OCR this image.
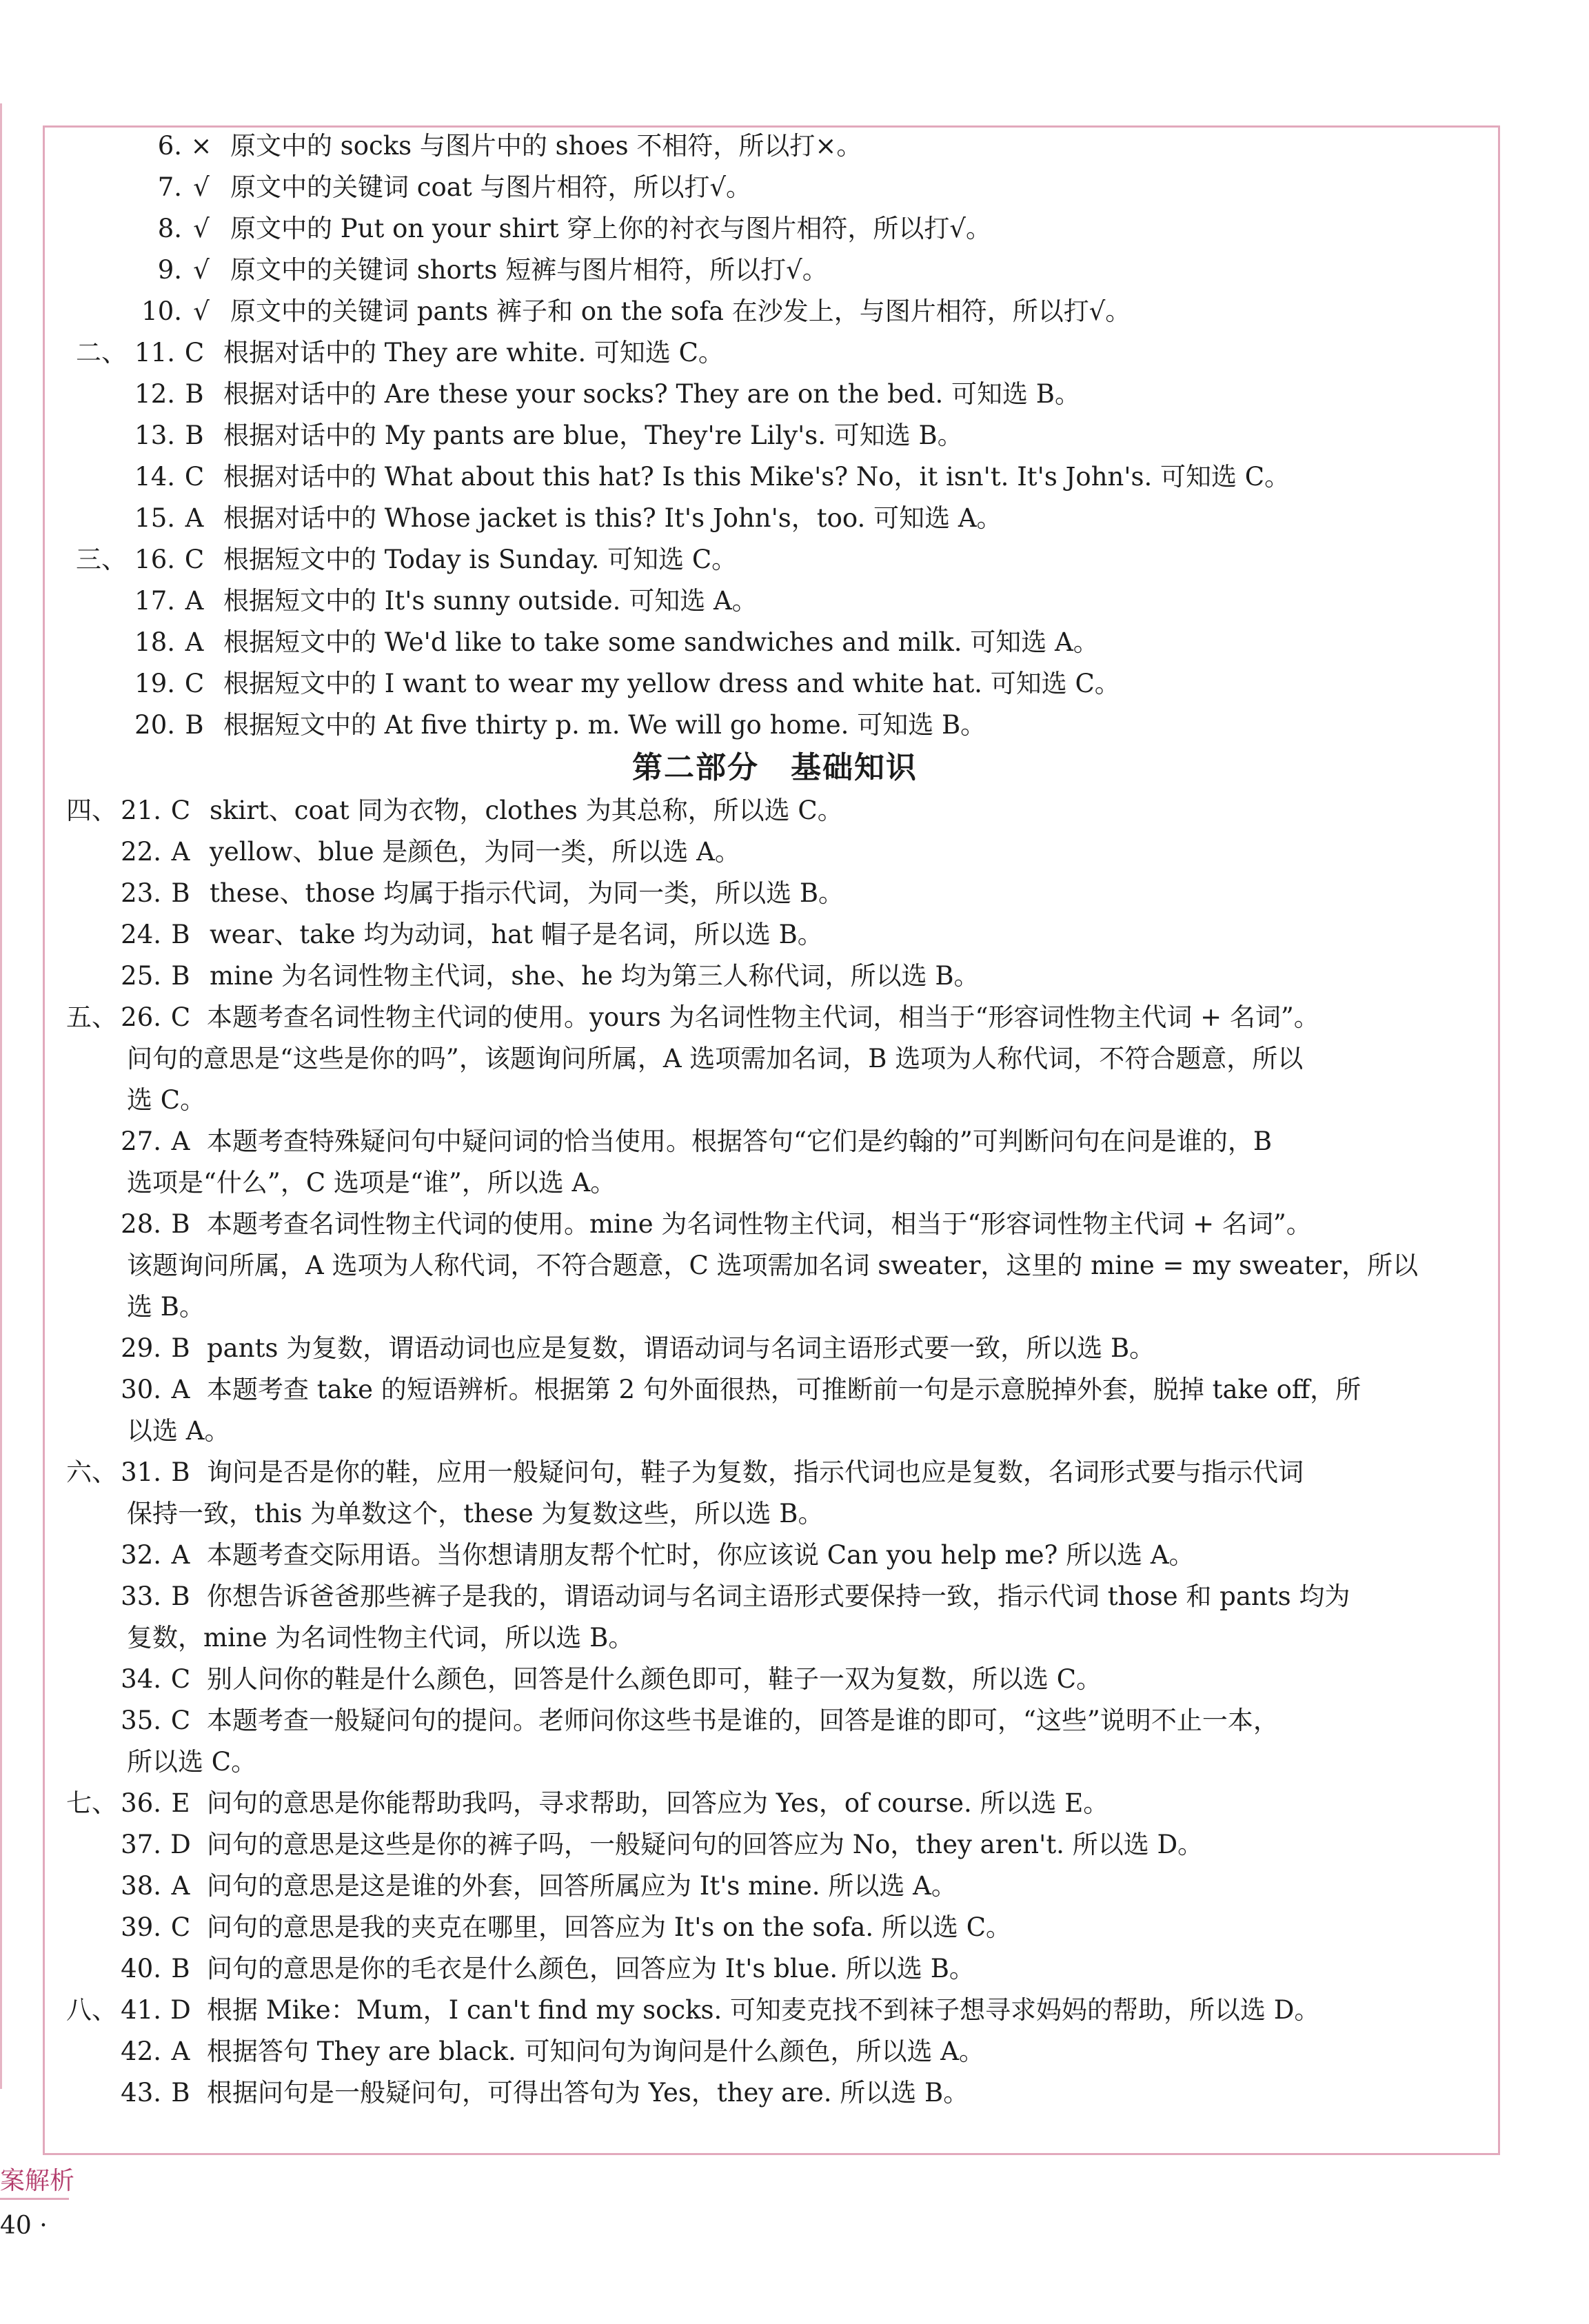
6. × 原文中的 socks 与图片中的 shoes 不相符，所以打×。
7. √ 原文中的关键词 coat 与图片相符，所以打√。
8. √ 原文中的 Put on your shirt 穿上你的衬衣与图片相符，所以打√。
9. √ 原文中的关键词 shorts 短裤与图片相符，所以打√。
10. √ 原文中的关键词 pants 裤子和 on the sofa 在沙发上，与图片相符，所以打√。
二、 11. C 根据对话中的 They are white. 可知选 C。
12. B 根据对话中的 Are these your socks? They are on the bed. 可知选 B。
13. B 根据对话中的 My pants are blue，They're Lily's. 可知选 B。
14. C 根据对话中的 What about this hat? Is this Mike's? No，it isn't. It's John's. 可知选 C。
15. A 根据对话中的 Whose jacket is this? It's John's，too. 可知选 A。
三、 16. C 根据短文中的 Today is Sunday. 可知选 C。
17. A 根据短文中的 It's sunny outside. 可知选 A。
18. A 根据短文中的 We'd like to take some sandwiches and milk. 可知选 A。
19. C 根据短文中的 I want to wear my yellow dress and white hat. 可知选 C。
20. B 根据短文中的 At five thirty p. m. We will go home. 可知选 B。
第二部分　基础知识
四、 21. C skirt、coat 同为衣物，clothes 为其总称，所以选 C。
22. A yellow、blue 是颜色，为同一类，所以选 A。
23. B these、those 均属于指示代词，为同一类，所以选 B。
24. B wear、take 均为动词，hat 帽子是名词，所以选 B。
25. B mine 为名词性物主代词，she、he 均为第三人称代词，所以选 B。
五、 26. C 本题考查名词性物主代词的使用。yours 为名词性物主代词，相当于“形容词性物主代词 + 名词”。
问句的意思是“这些是你的吗”，该题询问所属，A 选项需加名词，B 选项为人称代词，不符合题意，所以
选 C。
27. A 本题考查特殊疑问句中疑问词的恰当使用。根据答句“它们是约翰的”可判断问句在问是谁的，B
选项是“什么”，C 选项是“谁”，所以选 A。
28. B 本题考查名词性物主代词的使用。mine 为名词性物主代词，相当于“形容词性物主代词 + 名词”。
该题询问所属，A 选项为人称代词，不符合题意，C 选项需加名词 sweater，这里的 mine = my sweater，所以
选 B。
29. B pants 为复数，谓语动词也应是复数，谓语动词与名词主语形式要一致，所以选 B。
30. A 本题考查 take 的短语辨析。根据第 2 句外面很热，可推断前一句是示意脱掉外套，脱掉 take off，所
以选 A。
六、 31. B 询问是否是你的鞋，应用一般疑问句，鞋子为复数，指示代词也应是复数，名词形式要与指示代词
保持一致，this 为单数这个，these 为复数这些，所以选 B。
32. A 本题考查交际用语。当你想请朋友帮个忙时，你应该说 Can you help me? 所以选 A。
33. B 你想告诉爸爸那些裤子是我的，谓语动词与名词主语形式要保持一致，指示代词 those 和 pants 均为
复数，mine 为名词性物主代词，所以选 B。
34. C 别人问你的鞋是什么颜色，回答是什么颜色即可，鞋子一双为复数，所以选 C。
35. C 本题考查一般疑问句的提问。老师问你这些书是谁的，回答是谁的即可，“这些”说明不止一本，
所以选 C。
七、 36. E 问句的意思是你能帮助我吗，寻求帮助，回答应为 Yes，of course. 所以选 E。
37. D 问句的意思是这些是你的裤子吗，一般疑问句的回答应为 No，they aren't. 所以选 D。
38. A 问句的意思是这是谁的外套，回答所属应为 It's mine. 所以选 A。
39. C 问句的意思是我的夹克在哪里，回答应为 It's on the sofa. 所以选 C。
40. B 问句的意思是你的毛衣是什么颜色，回答应为 It's blue. 所以选 B。
八、 41. D 根据 Mike：Mum，I can't find my socks. 可知麦克找不到袜子想寻求妈妈的帮助，所以选 D。
42. A 根据答句 They are black. 可知问句为询问是什么颜色，所以选 A。
43. B 根据问句是一般疑问句，可得出答句为 Yes，they are. 所以选 B。
案解析
40 ·
